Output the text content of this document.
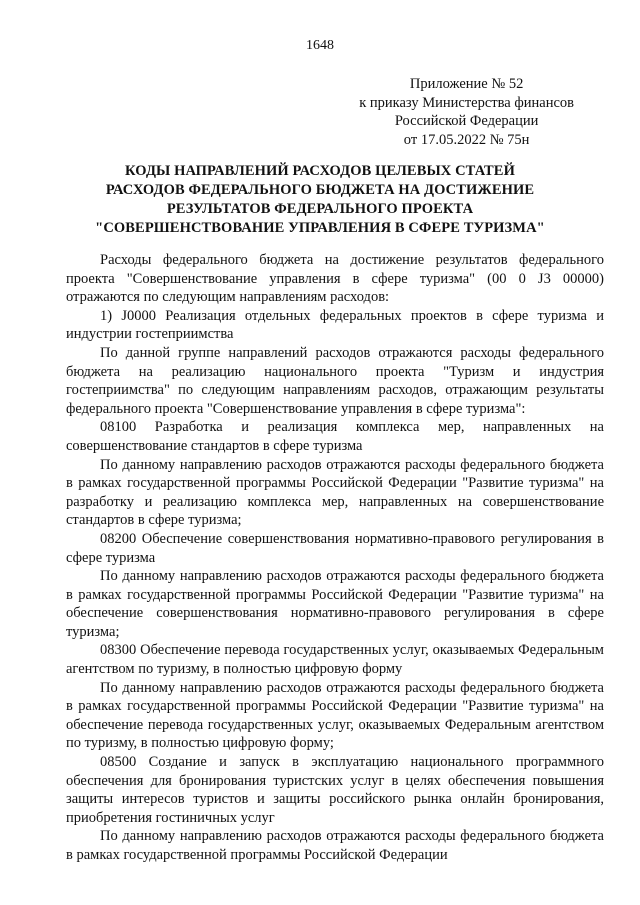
1648
Приложение № 52
к приказу Министерства финансов
Российской Федерации
от 17.05.2022 № 75н
КОДЫ НАПРАВЛЕНИЙ РАСХОДОВ ЦЕЛЕВЫХ СТАТЕЙ
РАСХОДОВ ФЕДЕРАЛЬНОГО БЮДЖЕТА НА ДОСТИЖЕНИЕ
РЕЗУЛЬТАТОВ ФЕДЕРАЛЬНОГО ПРОЕКТА
"СОВЕРШЕНСТВОВАНИЕ УПРАВЛЕНИЯ В СФЕРЕ ТУРИЗМА"

Расходы федерального бюджета на достижение результатов федерального проекта "Совершенствование управления в сфере туризма" (00 0 J3 00000) отражаются по следующим направлениям расходов:

1) J0000 Реализация отдельных федеральных проектов в сфере туризма и индустрии гостеприимства

По данной группе направлений расходов отражаются расходы федерального бюджета на реализацию национального проекта "Туризм и индустрия гостеприимства" по следующим направлениям расходов, отражающим результаты федерального проекта "Совершенствование управления в сфере туризма":

08100 Разработка и реализация комплекса мер, направленных на совершенствование стандартов в сфере туризма

По данному направлению расходов отражаются расходы федерального бюджета в рамках государственной программы Российской Федерации "Развитие туризма" на разработку и реализацию комплекса мер, направленных на совершенствование стандартов в сфере туризма;

08200 Обеспечение совершенствования нормативно-правового регулирования в сфере туризма

По данному направлению расходов отражаются расходы федерального бюджета в рамках государственной программы Российской Федерации "Развитие туризма" на обеспечение совершенствования нормативно-правового регулирования в сфере туризма;

08300 Обеспечение перевода государственных услуг, оказываемых Федеральным агентством по туризму, в полностью цифровую форму

По данному направлению расходов отражаются расходы федерального бюджета в рамках государственной программы Российской Федерации "Развитие туризма" на обеспечение перевода государственных услуг, оказываемых Федеральным агентством по туризму, в полностью цифровую форму;

08500 Создание и запуск в эксплуатацию национального программного обеспечения для бронирования туристских услуг в целях обеспечения повышения защиты интересов туристов и защиты российского рынка онлайн бронирования, приобретения гостиничных услуг

По данному направлению расходов отражаются расходы федерального бюджета в рамках государственной программы Российской Федерации
